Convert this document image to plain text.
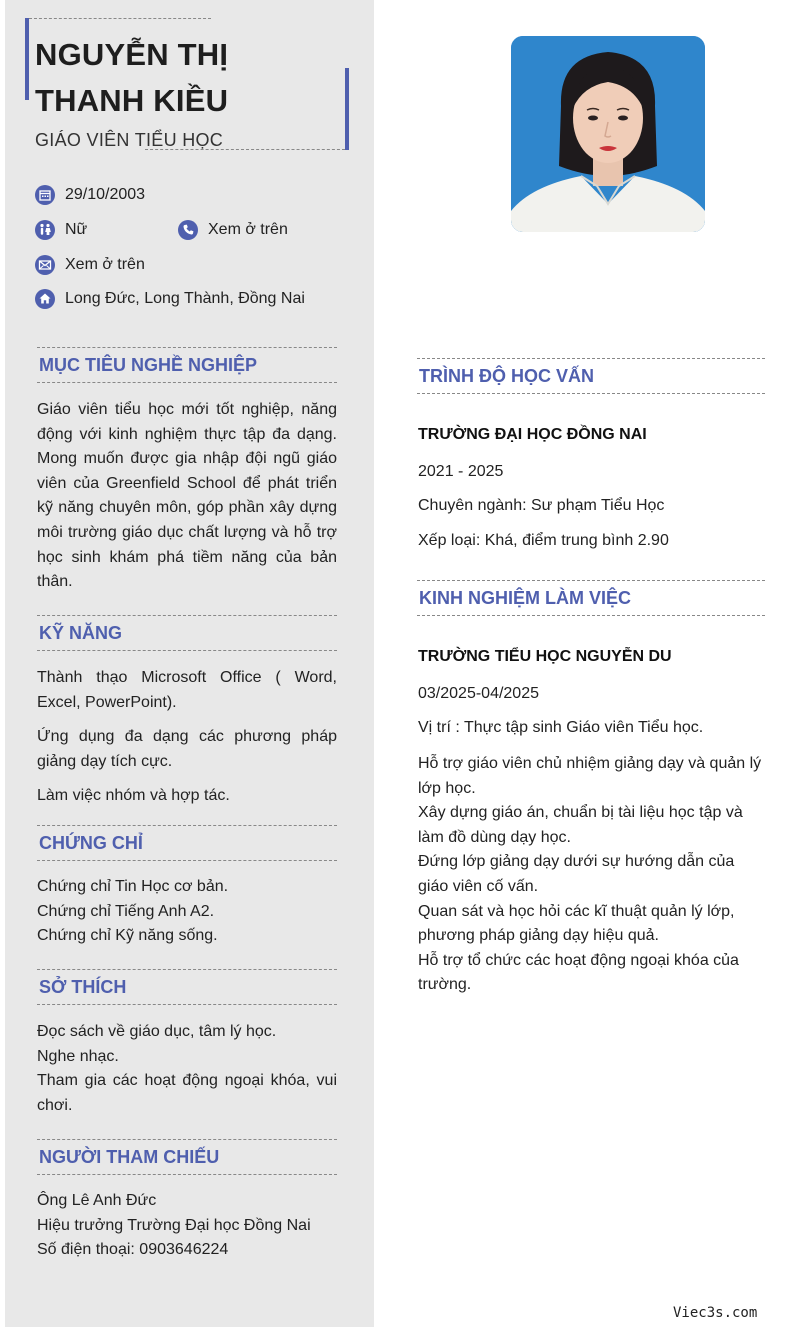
NGUYỄN THỊ THANH KIỀU
GIÁO VIÊN TIỂU HỌC
29/10/2003
Nữ	Xem ở trên
Xem ở trên
Long Đức, Long Thành, Đồng Nai
MỤC TIÊU NGHỀ NGHIỆP
Giáo viên tiểu học mới tốt nghiệp, năng động với kinh nghiệm thực tập đa dạng. Mong muốn được gia nhập đội ngũ giáo viên của Greenfield School để phát triển kỹ năng chuyên môn, góp phần xây dựng môi trường giáo dục chất lượng và hỗ trợ học sinh khám phá tiềm năng của bản thân.
KỸ NĂNG

Thành thạo Microsoft Office ( Word, Excel, PowerPoint).

Ứng dụng đa dạng các phương pháp giảng dạy tích cực.

Làm việc nhóm và hợp tác.

CHỨNG CHỈ

Chứng chỉ Tin Học cơ bản.

Chứng chỉ Tiếng Anh A2.

Chứng chỉ Kỹ năng sống.

SỞ THÍCH

Đọc sách về giáo dục, tâm lý học.

Nghe nhạc.

Tham gia các hoạt động ngoại khóa, vui chơi.

NGƯỜI THAM CHIẾU

Ông Lê Anh Đức

Hiệu trưởng Trường Đại học Đồng Nai

Số điện thoại: 0903646224

TRÌNH ĐỘ HỌC VẤN
TRƯỜNG ĐẠI HỌC ĐỒNG NAI
2021 - 2025
Chuyên ngành: Sư phạm Tiểu Học
Xếp loại: Khá, điểm trung bình 2.90
KINH NGHIỆM LÀM VIỆC
TRƯỜNG TIỂU HỌC NGUYỄN DU
03/2025-04/2025
Vị trí : Thực tập sinh Giáo viên Tiểu học.

Hỗ trợ giáo viên chủ nhiệm giảng dạy và quản lý lớp học.

Xây dựng giáo án, chuẩn bị tài liệu học tập và làm đồ dùng dạy học.

Đứng lớp giảng dạy dưới sự hướng dẫn của giáo viên cố vấn.

Quan sát và học hỏi các kĩ thuật quản lý lớp, phương pháp giảng dạy hiệu quả.

Hỗ trợ tổ chức các hoạt động ngoại khóa của trường.

Viec3s.com
